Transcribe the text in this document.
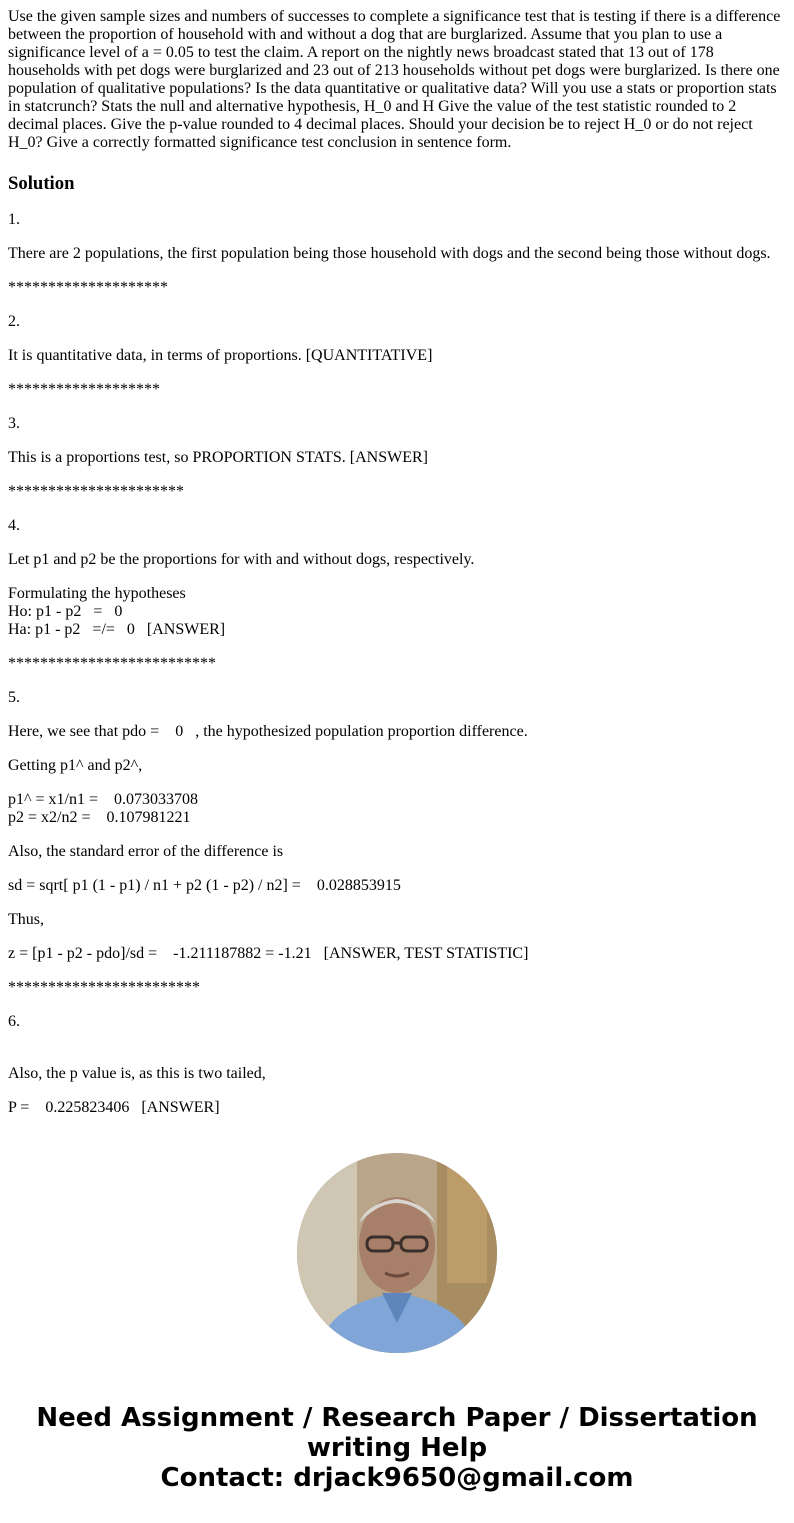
Use the given sample sizes and numbers of successes to complete a significance test that is testing if there is a difference between the proportion of household with and without a dog that are burglarized. Assume that you plan to use a significance level of a = 0.05 to test the claim. A report on the nightly news broadcast stated that 13 out of 178 households with pet dogs were burglarized and 23 out of 213 households without pet dogs were burglarized. Is there one population of qualitative populations? Is the data quantitative or qualitative data? Will you use a stats or proportion stats in statcrunch? Stats the null and alternative hypothesis, H_0 and H Give the value of the test statistic rounded to 2 decimal places. Give the p-value rounded to 4 decimal places. Should your decision be to reject H_0 or do not reject H_0? Give a correctly formatted significance test conclusion in sentence form.
Solution
1.
There are 2 populations, the first population being those household with dogs and the second being those without dogs.
********************
2.
It is quantitative data, in terms of proportions. [QUANTITATIVE]
*******************
3.
This is a proportions test, so PROPORTION STATS. [ANSWER]
**********************
4.
Let p1 and p2 be the proportions for with and without dogs, respectively.
Formulating the hypotheses
Ho: p1 - p2   =   0
Ha: p1 - p2   =/=   0   [ANSWER]
**************************
5.
Here, we see that pdo =    0   , the hypothesized population proportion difference.
Getting p1^ and p2^,
p1^ = x1/n1 =    0.073033708
p2 = x2/n2 =    0.107981221
Also, the standard error of the difference is
sd = sqrt[ p1 (1 - p1) / n1 + p2 (1 - p2) / n2] =    0.028853915
Thus,
z = [p1 - p2 - pdo]/sd =    -1.211187882 = -1.21   [ANSWER, TEST STATISTIC]
************************
6.

Also, the p value is, as this is two tailed,
P =    0.225823406   [ANSWER]
Need Assignment / Research Paper / Dissertation
writing Help
Contact: drjack9650@gmail.com
